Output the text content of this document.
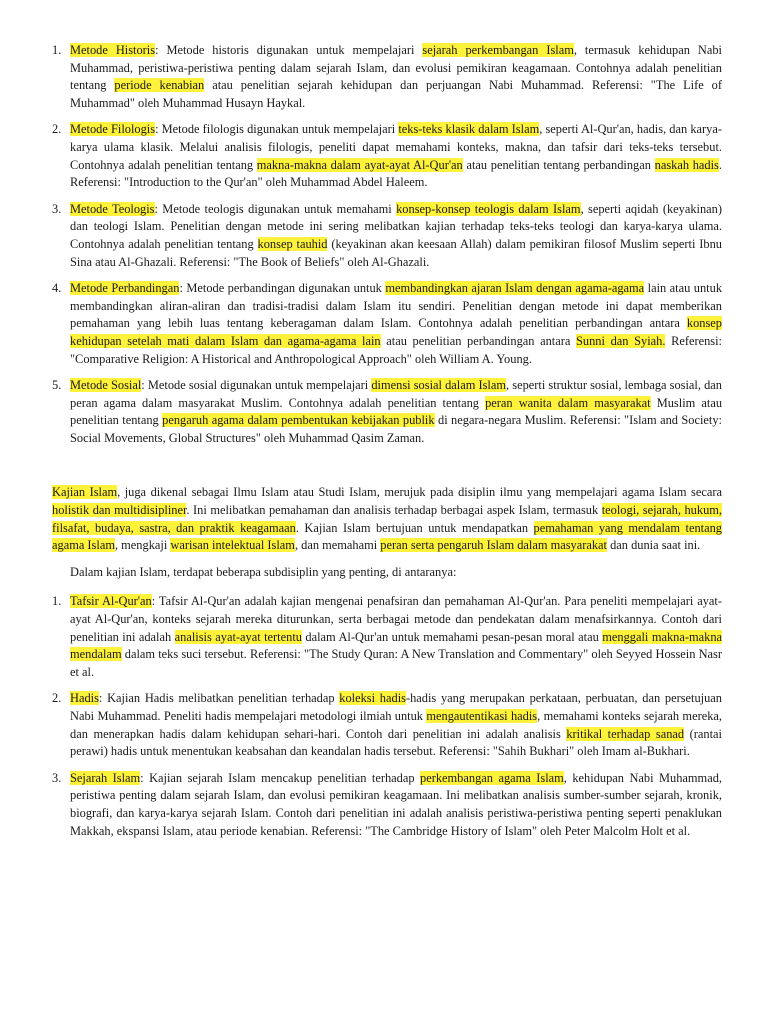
1. Metode Historis: Metode historis digunakan untuk mempelajari sejarah perkembangan Islam, termasuk kehidupan Nabi Muhammad, peristiwa-peristiwa penting dalam sejarah Islam, dan evolusi pemikiran keagamaan. Contohnya adalah penelitian tentang periode kenabian atau penelitian sejarah kehidupan dan perjuangan Nabi Muhammad. Referensi: "The Life of Muhammad" oleh Muhammad Husayn Haykal.
2. Metode Filologis: Metode filologis digunakan untuk mempelajari teks-teks klasik dalam Islam, seperti Al-Qur'an, hadis, dan karya-karya ulama klasik. Melalui analisis filologis, peneliti dapat memahami konteks, makna, dan tafsir dari teks-teks tersebut. Contohnya adalah penelitian tentang makna-makna dalam ayat-ayat Al-Qur'an atau penelitian tentang perbandingan naskah hadis. Referensi: "Introduction to the Qur'an" oleh Muhammad Abdel Haleem.
3. Metode Teologis: Metode teologis digunakan untuk memahami konsep-konsep teologis dalam Islam, seperti aqidah (keyakinan) dan teologi Islam. Penelitian dengan metode ini sering melibatkan kajian terhadap teks-teks teologi dan karya-karya ulama. Contohnya adalah penelitian tentang konsep tauhid (keyakinan akan keesaan Allah) dalam pemikiran filosof Muslim seperti Ibnu Sina atau Al-Ghazali. Referensi: "The Book of Beliefs" oleh Al-Ghazali.
4. Metode Perbandingan: Metode perbandingan digunakan untuk membandingkan ajaran Islam dengan agama-agama lain atau untuk membandingkan aliran-aliran dan tradisi-tradisi dalam Islam itu sendiri. Penelitian dengan metode ini dapat memberikan pemahaman yang lebih luas tentang keberagaman dalam Islam. Contohnya adalah penelitian perbandingan antara konsep kehidupan setelah mati dalam Islam dan agama-agama lain atau penelitian perbandingan antara Sunni dan Syiah. Referensi: "Comparative Religion: A Historical and Anthropological Approach" oleh William A. Young.
5. Metode Sosial: Metode sosial digunakan untuk mempelajari dimensi sosial dalam Islam, seperti struktur sosial, lembaga sosial, dan peran agama dalam masyarakat Muslim. Contohnya adalah penelitian tentang peran wanita dalam masyarakat Muslim atau penelitian tentang pengaruh agama dalam pembentukan kebijakan publik di negara-negara Muslim. Referensi: "Islam and Society: Social Movements, Global Structures" oleh Muhammad Qasim Zaman.

Kajian Islam, juga dikenal sebagai Ilmu Islam atau Studi Islam, merujuk pada disiplin ilmu yang mempelajari agama Islam secara holistik dan multidisipliner. Ini melibatkan pemahaman dan analisis terhadap berbagai aspek Islam, termasuk teologi, sejarah, hukum, filsafat, budaya, sastra, dan praktik keagamaan. Kajian Islam bertujuan untuk mendapatkan pemahaman yang mendalam tentang agama Islam, mengkaji warisan intelektual Islam, dan memahami peran serta pengaruh Islam dalam masyarakat dan dunia saat ini.

Dalam kajian Islam, terdapat beberapa subdisiplin yang penting, di antaranya:

1. Tafsir Al-Qur'an: Tafsir Al-Qur'an adalah kajian mengenai penafsiran dan pemahaman Al-Qur'an. Para peneliti mempelajari ayat-ayat Al-Qur'an, konteks sejarah mereka diturunkan, serta berbagai metode dan pendekatan dalam menafsirkannya. Contoh dari penelitian ini adalah analisis ayat-ayat tertentu dalam Al-Qur'an untuk memahami pesan-pesan moral atau menggali makna-makna mendalam dalam teks suci tersebut. Referensi: "The Study Quran: A New Translation and Commentary" oleh Seyyed Hossein Nasr et al.
2. Hadis: Kajian Hadis melibatkan penelitian terhadap koleksi hadis-hadis yang merupakan perkataan, perbuatan, dan persetujuan Nabi Muhammad. Peneliti hadis mempelajari metodologi ilmiah untuk mengautentikasi hadis, memahami konteks sejarah mereka, dan menerapkan hadis dalam kehidupan sehari-hari. Contoh dari penelitian ini adalah analisis kritikal terhadap sanad (rantai perawi) hadis untuk menentukan keabsahan dan keandalan hadis tersebut. Referensi: "Sahih Bukhari" oleh Imam al-Bukhari.
3. Sejarah Islam: Kajian sejarah Islam mencakup penelitian terhadap perkembangan agama Islam, kehidupan Nabi Muhammad, peristiwa penting dalam sejarah Islam, dan evolusi pemikiran keagamaan. Ini melibatkan analisis sumber-sumber sejarah, kronik, biografi, dan karya-karya sejarah Islam. Contoh dari penelitian ini adalah analisis peristiwa-peristiwa penting seperti penaklukan Makkah, ekspansi Islam, atau periode kenabian. Referensi: "The Cambridge History of Islam" oleh Peter Malcolm Holt et al.
